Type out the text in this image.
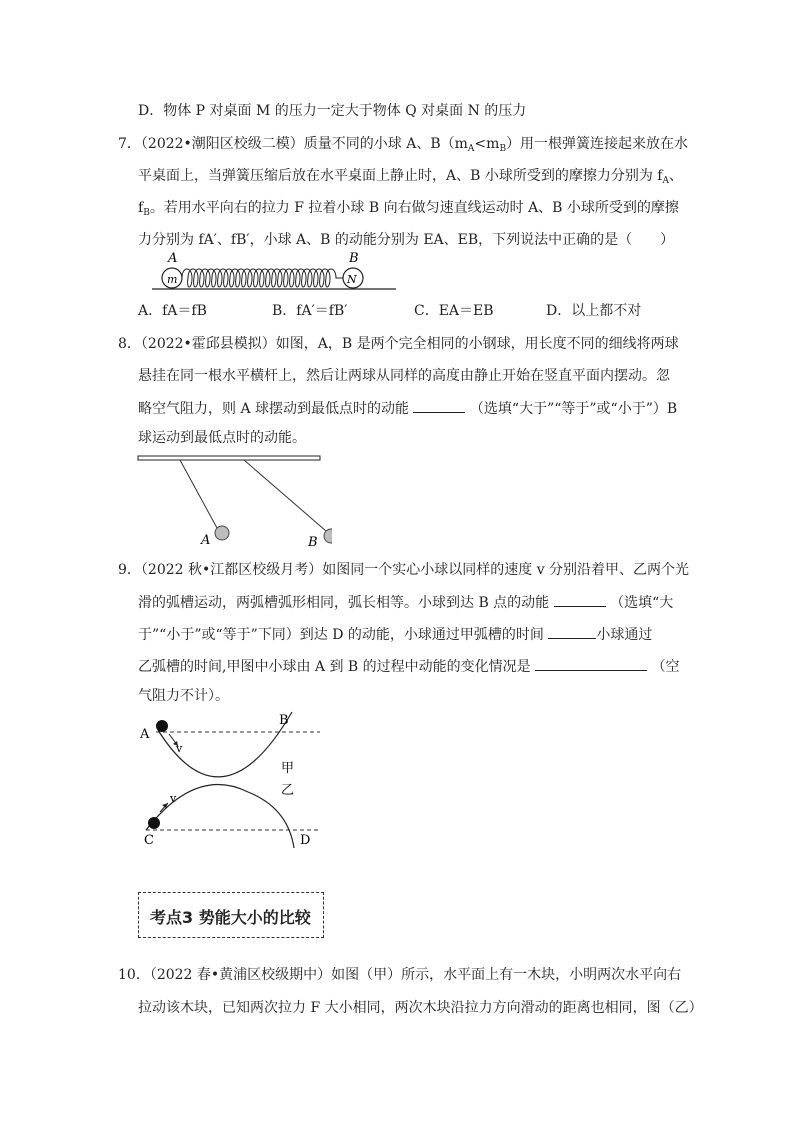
D．物体 P 对桌面 M 的压力一定大于物体 Q 对桌面 N 的压力
7．（2022•潮阳区校级二模）质量不同的小球 A、$B(m_A<m_B)$用一根弹簧连接起来放在水
平桌面上，当弹簧压缩后放在水平桌面上静止时，A、B 小球所受到的摩擦力分别为 $f_A$、
$f_B$。若用水平向右的拉力 F 拉着小球 B 向右做匀速直线运动时 A、B 小球所受到的摩擦
力分别为 fA′、fB′，小球 A、B 的动能分别为 EA、EB，下列说法中正确的是（　　）
A	B
m	N
A．fA＝fB	B．fA′＝fB′	C．EA＝EB	D．以上都不对
8．（2022•霍邱县模拟）如图，A，B 是两个完全相同的小钢球，用长度不同的细线将两球
悬挂在同一根水平横杆上，然后让两球从同样的高度由静止开始在竖直平面内摆动。忽
略空气阻力，则 A 球摆动到最低点时的动能	（选填“大于”“等于”或“小于”）B
球运动到最低点时的动能。
A	B
9．（2022 秋•江都区校级月考）如图同一个实心小球以同样的速度 v 分别沿着甲、乙两个光
滑的弧槽运动，两弧槽弧形相同，弧长相等。小球到达 B 点的动能	（选填“大
于”“小于”或“等于”下同）到达 D 的动能，小球通过甲弧槽的时间	小球通过
乙弧槽的时间,甲图中小球由 A 到 B 的过程中动能的变化情况是	（空
气阻力不计）。
v
A
B
甲
乙
v
C	D
考点3 势能大小的比较
10．（2022 春•黄浦区校级期中）如图（甲）所示，水平面上有一木块，小明两次水平向右
拉动该木块，已知两次拉力 F 大小相同，两次木块沿拉力方向滑动的距离也相同，图（乙）
